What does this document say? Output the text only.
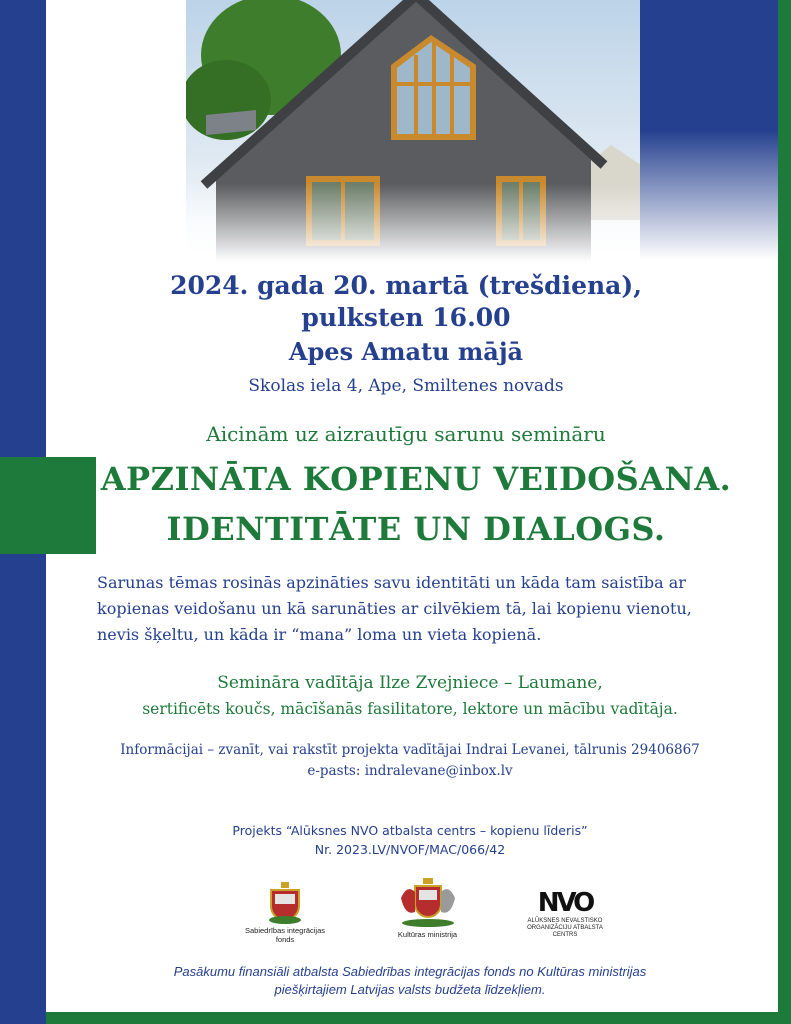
2024. gada 20. martā (trešdiena),
pulksten 16.00
Apes Amatu mājā
Skolas iela 4, Ape, Smiltenes novads
Aicinām uz aizrautīgu sarunu semināru
APZINĀTA KOPIENU VEIDOŠANA.
IDENTITĀTE UN DIALOGS.
Sarunas tēmas rosinās apzināties savu identitāti un kāda tam saistība ar
kopienas veidošanu un kā sarunāties ar cilvēkiem tā, lai kopienu vienotu,
nevis šķeltu, un kāda ir “mana” loma un vieta kopienā.
Semināra vadītāja Ilze Zvejniece – Laumane,
sertificēts koučs, mācīšanās fasilitatore, lektore un mācību vadītāja.
Informācijai – zvanīt, vai rakstīt projekta vadītājai Indrai Levanei, tālrunis 29406867
e-pasts: indralevane@inbox.lv
Projekts “Alūksnes NVO atbalsta centrs – kopienu līderis”
Nr. 2023.LV/NVOF/MAC/066/42
Sabiedrības integrācijas
fonds
Kultūras ministrija
NVO
ALŪKSNES NEVALSTISKO
ORGANIZĀCIJU ATBALSTA CENTRS
Pasākumu finansiāli atbalsta Sabiedrības integrācijas fonds no Kultūras ministrijas
piešķirtajiem Latvijas valsts budžeta līdzekļiem.
